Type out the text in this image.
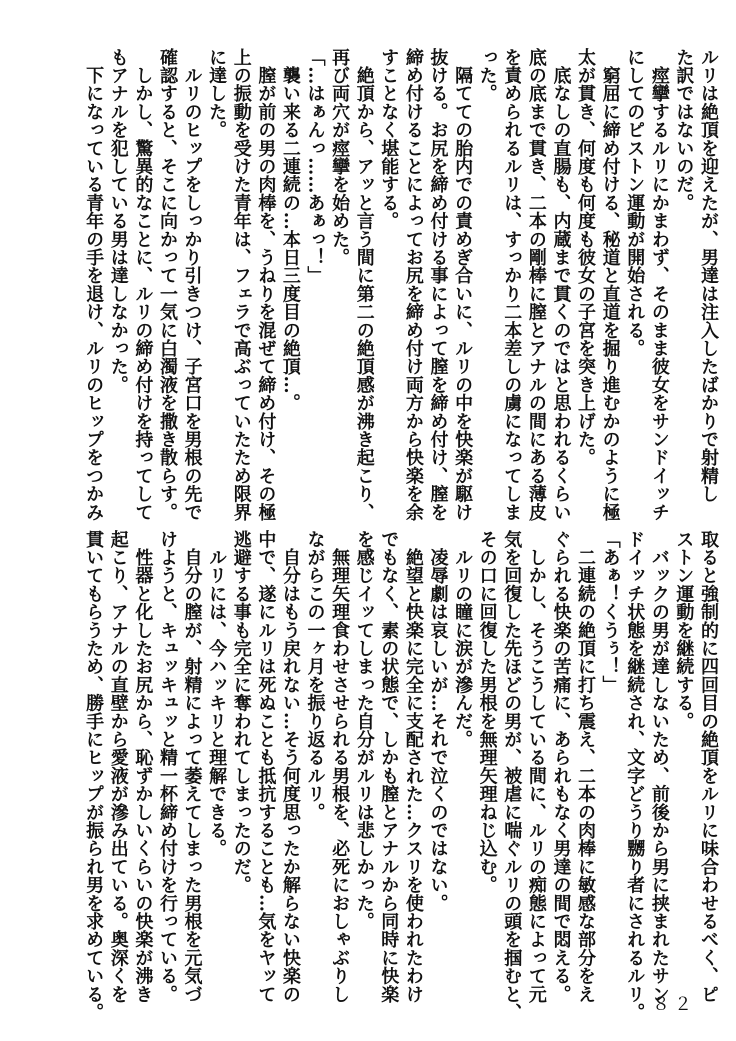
ルリは絶頂を迎えたが、男達は注入したばかりで射精し
た訳ではないのだ。
　痙攣するルリにかまわず、そのまま彼女をサンドイッチ
にしてのピストン運動が開始される。
　窮屈に締め付ける、秘道と直道を掘り進むかのように極
太が貫き、何度も何度も彼女の子宮を突き上げた。
　底なしの直腸も、内蔵まで貫くのではと思われるくらい
底の底まで貫き、二本の剛棒に膣とアナルの間にある薄皮
を責められるルリは、すっかり二本差しの虜になってしま
った。
　隔てての胎内での責めぎ合いに、ルリの中を快楽が駆け
抜ける。お尻を締め付ける事によって膣を締め付け、膣を
締め付けることによってお尻を締め付け両方から快楽を余
すことなく堪能する。
　絶頂から、アッと言う間に第二の絶頂感が沸き起こり、
再び両穴が痙攣を始めた。
「…はぁんっ……あぁっ！」
　襲い来る二連続の…本日三度目の絶頂…。
　膣が前の男の肉棒を、うねりを混ぜて締め付け、その極
上の振動を受けた青年は、フェラで高ぶっていたため限界
に達した。
　ルリのヒップをしっかり引きつけ、子宮口を男根の先で
確認すると、そこに向かって一気に白濁液を撒き散らす。
　しかし、驚異的なことに、ルリの締め付けを持ってして
もアナルを犯している男は達しなかった。
　下になっている青年の手を退け、ルリのヒップをつかみ
取ると強制的に四回目の絶頂をルリに味合わせるべく、ピ
ストン運動を継続する。
　バックの男が達しないため、前後から男に挟まれたサン
ドイッチ状態を継続され、文字どうり嬲り者にされるルリ。
「あぁ！くうぅ！」
　二連続の絶頂に打ち震え、二本の肉棒に敏感な部分をえ
ぐられる快楽の苦痛に、あられもなく男達の間で悶える。
　しかし、そうこうしている間に、ルリの痴態によって元
気を回復した先ほどの男が、被虐に喘ぐルリの頭を掴むと、
その口に回復した男根を無理矢理ねじ込む。
　ルリの瞳に涙が滲んだ。
　凌辱劇は哀しいが…それで泣くのではない。
　絶望と快楽に完全に支配された…クスリを使われたわけ
でもなく、素の状態で、しかも膣とアナルから同時に快楽
を感じイッてしまった自分がルリは悲しかった。
　無理矢理食わせさせられる男根を、必死におしゃぶりし
ながらこの一ヶ月を振り返るルリ。
　自分はもう戻れない…そう何度思ったか解らない快楽の
中で、遂にルリは死ぬことも抵抗することも…気をヤッて
逃避する事も完全に奪われてしまったのだ。
　ルリには、今ハッキリと理解できる。
　自分の膣が、射精によって萎えてしまった男根を元気づ
けようと、キュッキュッと精一杯締め付けを行っている。
　性器と化したお尻から、恥ずかしいくらいの快楽が沸き
起こり、アナルの直壁から愛液が滲み出ている。奥深くを
貫いてもらうため、勝手にヒップが振られ男を求めている。	８２
